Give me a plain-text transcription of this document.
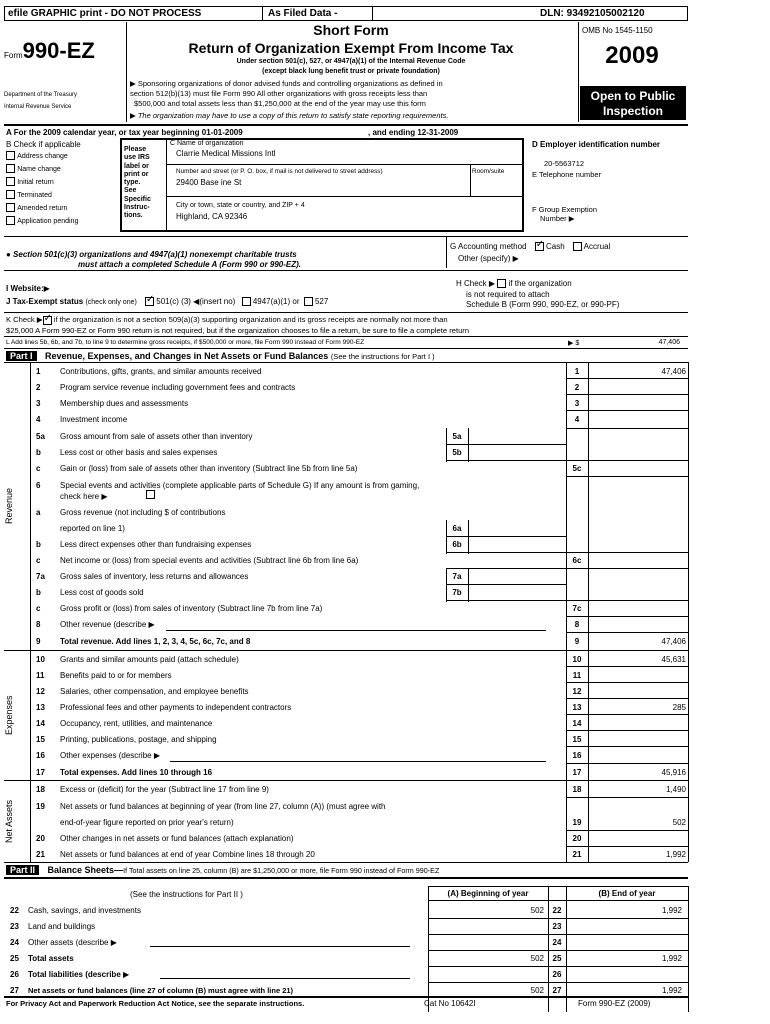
efile GRAPHIC print - DO NOT PROCESS	As Filed Data -	DLN: 93492105002120
Form990-EZ
Department of the Treasury
Internal Revenue Service
Short Form
Return of Organization Exempt From Income Tax
Under section 501(c), 527, or 4947(a)(1) of the Internal Revenue Code
(except black lung benefit trust or private foundation)
▶ Sponsoring organizations of donor advised funds and controlling organizations as defined in
section 512(b)(13) must file Form 990 All other organizations with gross receipts less than
$500,000 and total assets less than $1,250,000 at the end of the year may use this form
▶ The organization may have to use a copy of this return to satisfy state reporting requirements.
OMB No 1545-1150
2009
Open to Public
Inspection
A For the 2009 calendar year, or tax year beginning 01-01-2009	, and ending 12-31-2009
B Check if applicable
Address change
Name change
Initial return
Terminated
Amended return
Application pending
Please
use IRS
label or
print or
type.
See
Specific
Instruc-
tions.
C Name of organization
Clarrie Medical Missions Intl
Number and street (or P. O. box, if mail is not delivered to street address)	Room/suite
29400 Base ine St
City or town, state or country, and ZIP + 4
Highland, CA 92346
D Employer identification number
20-5563712
E Telephone number
F Group Exemption
Number ▶
● Section 501(c)(3) organizations and 4947(a)(1) nonexempt charitable trusts
must attach a completed Schedule A (Form 990 or 990-EZ).
G Accounting method ✓ Cash Accrual
Other (specify) ▶
I Website:▶
H Check ▶ if the organization
is not required to attach
Schedule B (Form 990, 990-EZ, or 990-PF)
J Tax-Exempt status (check only one) ✓ 501(c) (3) ◀(insert no) 4947(a)(1) or 527
K Check ▶ ✓ if the organization is not a section 509(a)(3) supporting organization and its gross receipts are normally not more than
$25,000 A Form 990-EZ or Form 990 return is not required, but if the organization chooses to file a return, be sure to file a complete return
L Add lines 5b, 6b, and 7b, to line 9 to determine gross receipts, if $500,000 or more, file Form 990 instead of Form 990-EZ	▶ $	47,406
Part I Revenue, Expenses, and Changes in Net Assets or Fund Balances (See the instructions for Part I )
Revenue
Expenses
Net Assets
1 Contributions, gifts, grants, and similar amounts received	1	47,406
2 Program service revenue including government fees and contracts	2
3 Membership dues and assessments	3
4 Investment income	4
5a Gross amount from sale of assets other than inventory	5a
b Less cost or other basis and sales expenses	5b
c Gain or (loss) from sale of assets other than inventory (Subtract line 5b from line 5a)	5c
6 Special events and activities (complete applicable parts of Schedule G) If any amount is from gaming,
check here ▶
a Gross revenue (not including $ of contributions
reported on line 1)	6a
b Less direct expenses other than fundraising expenses	6b
c Net income or (loss) from special events and activities (Subtract line 6b from line 6a)	6c
7a Gross sales of inventory, less returns and allowances	7a
b Less cost of goods sold	7b
c Gross profit or (loss) from sales of inventory (Subtract line 7b from line 7a)	7c
8 Other revenue (describe ▶	8
9 Total revenue. Add lines 1, 2, 3, 4, 5c, 6c, 7c, and 8	9	47,406
10 Grants and similar amounts paid (attach schedule)	10	45,631
11 Benefits paid to or for members	11
12 Salaries, other compensation, and employee benefits	12
13 Professional fees and other payments to independent contractors	13	285
14 Occupancy, rent, utilities, and maintenance	14
15 Printing, publications, postage, and shipping	15
16 Other expenses (describe ▶	16
17 Total expenses. Add lines 10 through 16	17	45,916
18 Excess or (deficit) for the year (Subtract line 17 from line 9)	18	1,490
19 Net assets or fund balances at beginning of year (from line 27, column (A)) (must agree with
end-of-year figure reported on prior year's return)	19	502
20 Other changes in net assets or fund balances (attach explanation)	20
21 Net assets or fund balances at end of year Combine lines 18 through 20	21	1,992
Part II Balance Sheets—If Total assets on line 25, column (B) are $1,250,000 or more, file Form 990 instead of Form 990-EZ
(See the instructions for Part II )	(A) Beginning of year	(B) End of year
22 Cash, savings, and investments	502	22	1,992
23 Land and buildings	23
24 Other assets (describe ▶	24
25 Total assets	502	25	1,992
26 Total liabilities (describe ▶	26
27 Net assets or fund balances (line 27 of column (B) must agree with line 21)	502	27	1,992
For Privacy Act and Paperwork Reduction Act Notice, see the separate instructions.	Cat No 10642I	Form 990-EZ (2009)
